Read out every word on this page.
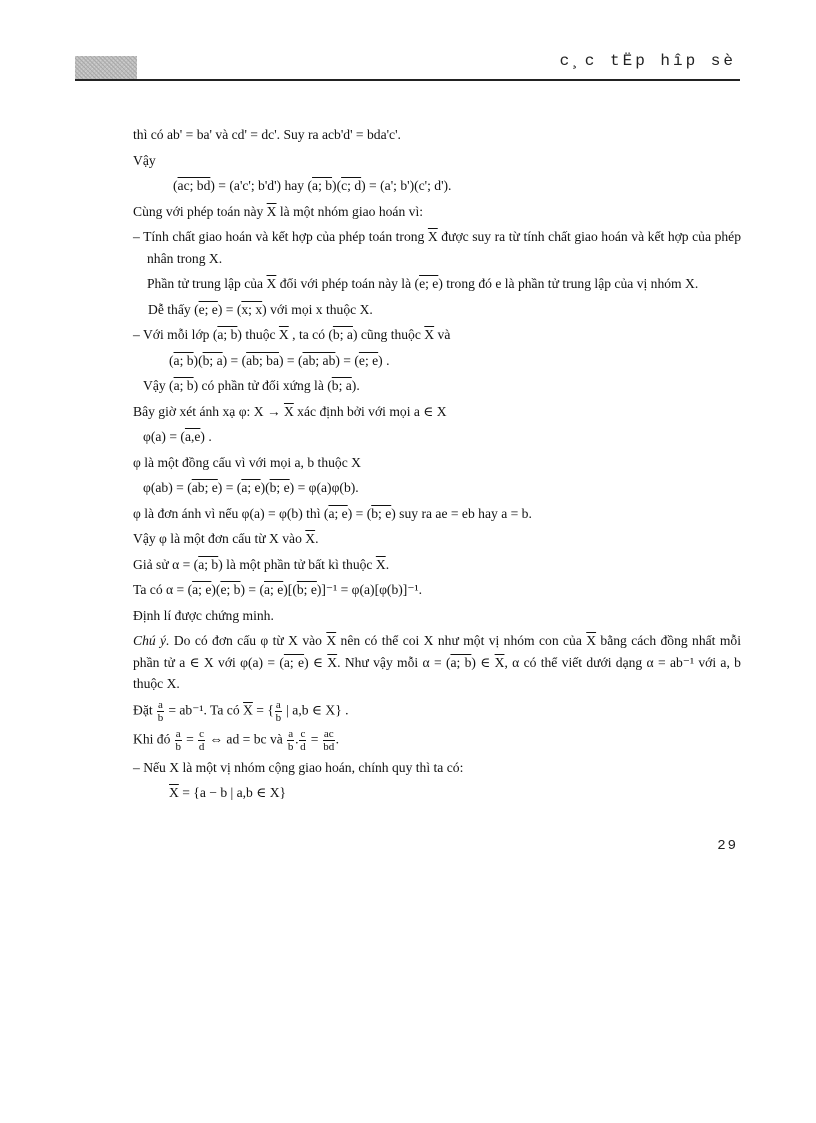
c¸c tËp hîp sè

thì có ab' = ba' và cd' = dc'. Suy ra acb'd' = bda'c'.

Vậy

(ac; bd) = (a'c'; b'd') hay (a; b)(c; d) = (a'; b')(c'; d').

Cùng với phép toán này $\overline{X}$ là một nhóm giao hoán vì:

– Tính chất giao hoán và kết hợp của phép toán trong $\overline{X}$ được suy ra từ tính chất giao hoán và kết hợp của phép nhân trong X.

Phần tử trung lập của $\overline{X}$ đối với phép toán này là (e; e) trong đó e là phần tử trung lập của vị nhóm X.

Dễ thấy (e; e) = (x; x) với mọi x thuộc X.

– Với mỗi lớp (a; b) thuộc $\overline{X}$ , ta có (b; a) cũng thuộc $\overline{X}$ và

(a; b)(b; a) = (ab; ba) = (ab; ab) = (e; e) .

Vậy (a; b) có phần tử đối xứng là (b; a).

Bây giờ xét ánh xạ φ: $X \to \overline{X}$ xác định bởi với mọi a ∈ X

φ(a) = (a,e) .

φ là một đồng cấu vì với mọi a, b thuộc X

φ(ab) = (ab; e) = (a; e)(b; e) = φ(a)φ(b).

φ là đơn ánh vì nếu φ(a) = φ(b) thì (a; e) = (b; e) suy ra ae = eb hay a = b.

Vậy φ là một đơn cấu từ X vào $\overline{X}$.

Giả sử α = (a; b) là một phần tử bất kì thuộc $\overline{X}$.

Ta có α = (a; e)(e; b) = (a; e)[(b; e)]⁻¹ = φ(a)[φ(b)]⁻¹.

Định lí được chứng minh.

Chú ý. Do có đơn cấu φ từ X vào $\overline{X}$ nên có thể coi X như một vị nhóm con của $\overline{X}$ bằng cách đồng nhất mỗi phần tử a ∈ X với φ(a) = (a; e) ∈ $\overline{X}$. Như vậy mỗi α = (a; b) ∈ $\overline{X}$, α có thể viết dưới dạng α = ab⁻¹ với a, b thuộc X.

Đặt $\frac{a}{b} = ab^{-1}$. Ta có $\overline{X}$ = { $\frac{a}{b}$ | a,b ∈ X} .

Khi đó $\frac{a}{b} = \frac{c}{d}$ ⇔ ad = bc và $\frac{a}{b}$ . $\frac{c}{d} = \frac{ac}{bd}$ .

– Nếu X là một vị nhóm cộng giao hoán, chính quy thì ta có:

$\overline{X} = \{a - b$ | a,b ∈ X}

29
